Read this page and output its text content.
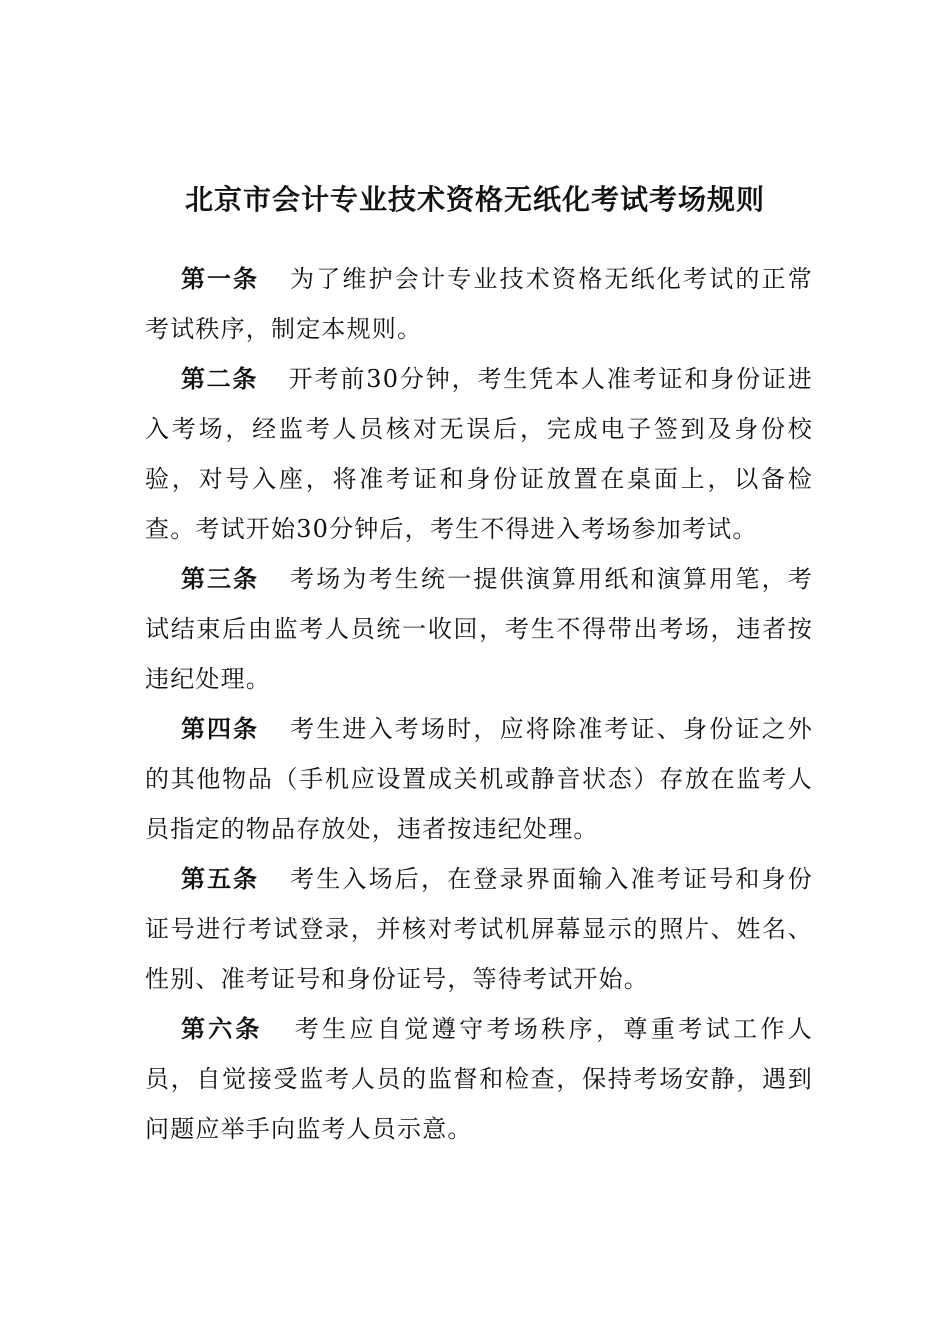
北京市会计专业技术资格无纸化考试考场规则

第一条 为了维护会计专业技术资格无纸化考试的正常考试秩序，制定本规则。

第二条 开考前30分钟，考生凭本人准考证和身份证进入考场，经监考人员核对无误后，完成电子签到及身份校验，对号入座，将准考证和身份证放置在桌面上，以备检查。考试开始30分钟后，考生不得进入考场参加考试。

第三条 考场为考生统一提供演算用纸和演算用笔，考试结束后由监考人员统一收回，考生不得带出考场，违者按违纪处理。

第四条 考生进入考场时，应将除准考证、身份证之外的其他物品（手机应设置成关机或静音状态）存放在监考人员指定的物品存放处，违者按违纪处理。

第五条 考生入场后，在登录界面输入准考证号和身份证号进行考试登录，并核对考试机屏幕显示的照片、姓名、性别、准考证号和身份证号，等待考试开始。

第六条 考生应自觉遵守考场秩序，尊重考试工作人员，自觉接受监考人员的监督和检查，保持考场安静，遇到问题应举手向监考人员示意。
